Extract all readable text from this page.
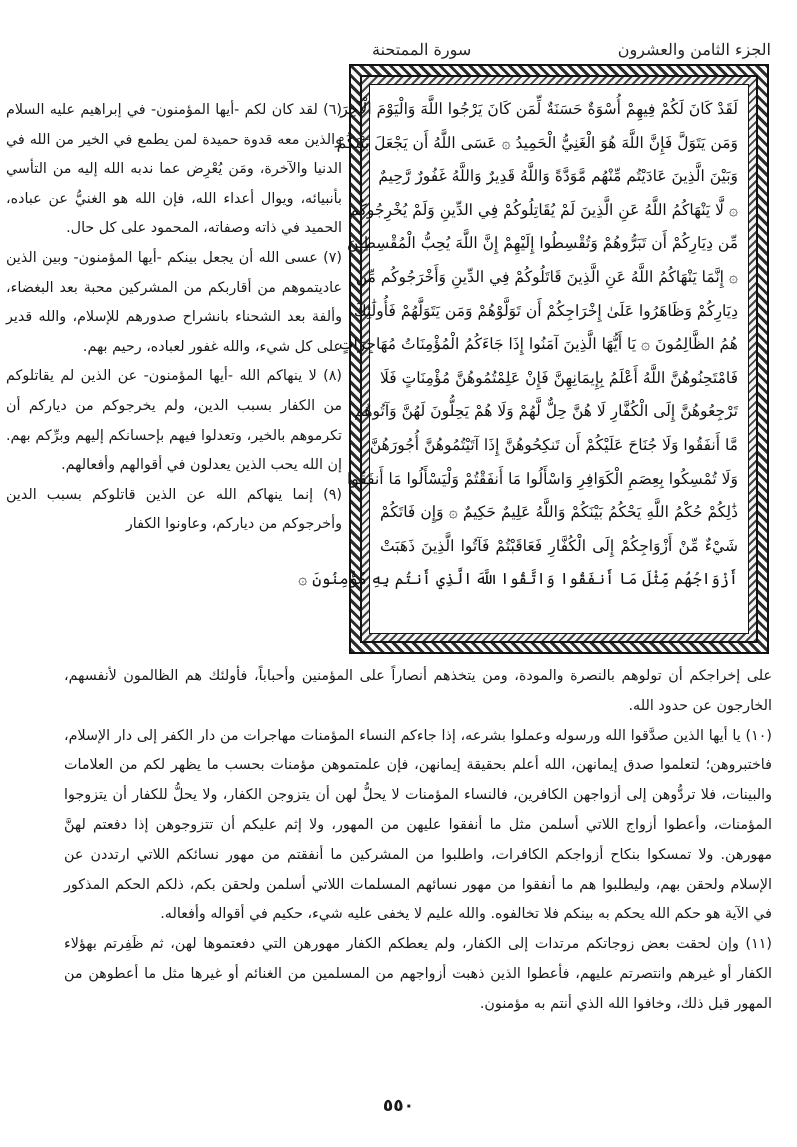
الجزء الثامن والعشرون
سورة الممتحنة
لَقَدْ كَانَ لَكُمْ فِيهِمْ أُسْوَةٌ حَسَنَةٌ لِّمَن كَانَ يَرْجُوا اللَّهَ وَالْيَوْمَ الْآخِرَ
وَمَن يَتَوَلَّ فَإِنَّ اللَّهَ هُوَ الْغَنِيُّ الْحَمِيدُ ۞ عَسَى اللَّهُ أَن يَجْعَلَ بَيْنَكُمْ
وَبَيْنَ الَّذِينَ عَادَيْتُم مِّنْهُم مَّوَدَّةً وَاللَّهُ قَدِيرٌ وَاللَّهُ غَفُورٌ رَّحِيمٌ
۞ لَّا يَنْهَاكُمُ اللَّهُ عَنِ الَّذِينَ لَمْ يُقَاتِلُوكُمْ فِي الدِّينِ وَلَمْ يُخْرِجُوكُم
مِّن دِيَارِكُمْ أَن تَبَرُّوهُمْ وَتُقْسِطُوا إِلَيْهِمْ إِنَّ اللَّهَ يُحِبُّ الْمُقْسِطِينَ
۞ إِنَّمَا يَنْهَاكُمُ اللَّهُ عَنِ الَّذِينَ قَاتَلُوكُمْ فِي الدِّينِ وَأَخْرَجُوكُم مِّن
دِيَارِكُمْ وَظَاهَرُوا عَلَىٰ إِخْرَاجِكُمْ أَن تَوَلَّوْهُمْ وَمَن يَتَوَلَّهُمْ فَأُولَٰئِكَ
هُمُ الظَّالِمُونَ ۞ يَا أَيُّهَا الَّذِينَ آمَنُوا إِذَا جَاءَكُمُ الْمُؤْمِنَاتُ مُهَاجِرَاتٍ
فَامْتَحِنُوهُنَّ اللَّهُ أَعْلَمُ بِإِيمَانِهِنَّ فَإِنْ عَلِمْتُمُوهُنَّ مُؤْمِنَاتٍ فَلَا
تَرْجِعُوهُنَّ إِلَى الْكُفَّارِ لَا هُنَّ حِلٌّ لَّهُمْ وَلَا هُمْ يَحِلُّونَ لَهُنَّ وَآتُوهُم
مَّا أَنفَقُوا وَلَا جُنَاحَ عَلَيْكُمْ أَن تَنكِحُوهُنَّ إِذَا آتَيْتُمُوهُنَّ أُجُورَهُنَّ
وَلَا تُمْسِكُوا بِعِصَمِ الْكَوَافِرِ وَاسْأَلُوا مَا أَنفَقْتُمْ وَلْيَسْأَلُوا مَا أَنفَقُوا
ذَٰلِكُمْ حُكْمُ اللَّهِ يَحْكُمُ بَيْنَكُمْ وَاللَّهُ عَلِيمٌ حَكِيمٌ ۞ وَإِن فَاتَكُمْ
شَيْءٌ مِّنْ أَزْوَاجِكُمْ إِلَى الْكُفَّارِ فَعَاقَبْتُمْ فَآتُوا الَّذِينَ ذَهَبَتْ
أَزْوَاجُهُم مِّثْلَ مَا أَنفَقُوا وَاتَّقُوا اللَّهَ الَّذِي أَنتُم بِهِ مُؤْمِنُونَ ۞

(٦) لقد كان لكم -أيها المؤمنون- في إبراهيم عليه السلام والذين معه قدوة حميدة لمن يطمع في الخير من الله في الدنيا والآخرة، ومَن يُعْرِض عما ندبه الله إليه من التأسي بأنبيائه، ويوال أعداء الله، فإن الله هو الغنيُّ عن عباده، الحميد في ذاته وصفاته، المحمود على كل حال.

(٧) عسى الله أن يجعل بينكم -أيها المؤمنون- وبين الذين عاديتموهم من أقاربكم من المشركين محبة بعد البغضاء، وألفة بعد الشحناء بانشراح صدورهم للإسلام، والله قدير على كل شيء، والله غفور لعباده، رحيم بهم.

(٨) لا ينهاكم الله -أيها المؤمنون- عن الذين لم يقاتلوكم من الكفار بسبب الدين، ولم يخرجوكم من دياركم أن تكرموهم بالخير، وتعدلوا فيهم بإحسانكم إليهم وبرِّكم بهم. إن الله يحب الذين يعدلون في أقوالهم وأفعالهم.

(٩) إنما ينهاكم الله عن الذين قاتلوكم بسبب الدين وأخرجوكم من دياركم، وعاونوا الكفار

على إخراجكم أن تولوهم بالنصرة والمودة، ومن يتخذهم أنصاراً على المؤمنين وأحباباً، فأولئك هم الظالمون لأنفسهم، الخارجون عن حدود الله.

(١٠) يا أيها الذين صدَّقوا الله ورسوله وعملوا بشرعه، إذا جاءكم النساء المؤمنات مهاجرات من دار الكفر إلى دار الإسلام، فاختبروهن؛ لتعلموا صدق إيمانهن، الله أعلم بحقيقة إيمانهن، فإن علمتموهن مؤمنات بحسب ما يظهر لكم من العلامات والبينات، فلا تردُّوهن إلى أزواجهن الكافرين، فالنساء المؤمنات لا يحلُّ لهن أن يتزوجن الكفار، ولا يحلُّ للكفار أن يتزوجوا المؤمنات، وأعطوا أزواج اللاتي أسلمن مثل ما أنفقوا عليهن من المهور، ولا إثم عليكم أن تتزوجوهن إذا دفعتم لهنَّ مهورهن. ولا تمسكوا بنكاح أزواجكم الكافرات، واطلبوا من المشركين ما أنفقتم من مهور نسائكم اللاتي ارتددن عن الإسلام ولحقن بهم، وليطلبوا هم ما أنفقوا من مهور نسائهم المسلمات اللاتي أسلمن ولحقن بكم، ذلكم الحكم المذكور في الآية هو حكم الله يحكم به بينكم فلا تخالفوه. والله عليم لا يخفى عليه شيء، حكيم في أقواله وأفعاله.

(١١) وإن لحقت بعض زوجاتكم مرتدات إلى الكفار، ولم يعطكم الكفار مهورهن التي دفعتموها لهن، ثم ظَفِرتم بهؤلاء الكفار أو غيرهم وانتصرتم عليهم، فأعطوا الذين ذهبت أزواجهم من المسلمين من الغنائم أو غيرها مثل ما أعطوهن من المهور قبل ذلك، وخافوا الله الذي أنتم به مؤمنون.

٥٥٠
